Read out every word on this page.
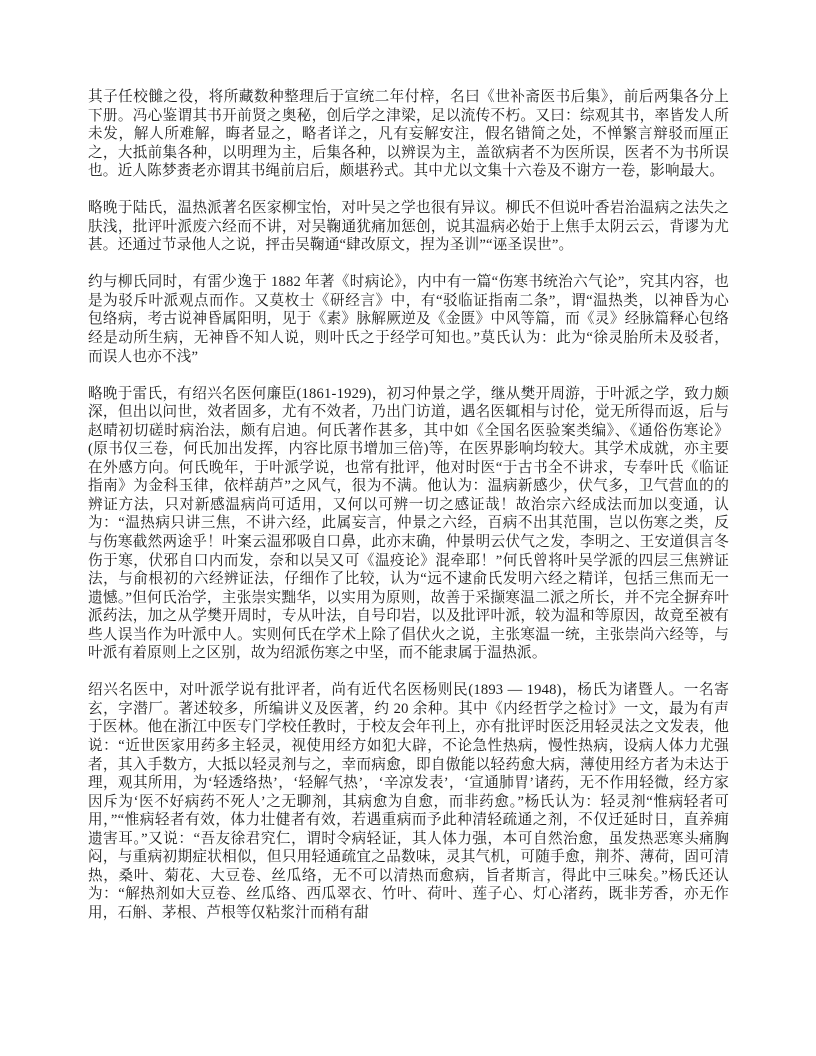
其子任校雠之役，将所藏数种整理后于宣统二年付梓，名曰《世补斋医书后集》，前后两集各分上下册。冯心鉴谓其书开前贤之奥秘，创后学之津梁，足以流传不朽。又曰：综观其书，率皆发人所未发，解人所难解，晦者显之，略者详之，凡有妄解安注，假名错简之处，不惮繁言辩驳而厘正之，大抵前集各种，以明理为主，后集各种，以辨误为主，盖欲病者不为医所误，医者不为书所误也。近人陈梦赉老亦谓其书绳前启后，颇堪矜式。其中尤以文集十六卷及不谢方一卷，影响最大。

略晚于陆氏，温热派著名医家柳宝怡，对叶吴之学也很有异议。柳氏不但说叶香岩治温病之法失之肤浅，批评叶派废六经而不讲，对吴鞠通犹痛加惩创，说其温病必始于上焦手太阴云云，背谬为尤甚。还通过节录他人之说，抨击吴鞠通“肆改原文，捏为圣训”“诬圣误世”。

约与柳氏同时，有雷少逸于 1882 年著《时病论》，内中有一篇“伤寒书统治六气论”，究其内容，也是为驳斥叶派观点而作。又莫枚士《研经言》中，有“驳临证指南二条”，谓“温热类，以神昏为心包络病，考古说神昏属阳明，见于《素》脉解厥逆及《金匮》中风等篇，而《灵》经脉篇释心包络经是动所生病，无神昏不知人说，则叶氏之于经学可知也。”莫氏认为：此为“徐灵胎所未及驳者，而误人也亦不浅”

略晚于雷氏，有绍兴名医何廉臣(1861-1929)，初习仲景之学，继从樊开周游，于叶派之学，致力颇深，但出以问世，效者固多，尤有不效者，乃出门访道，遇名医辄相与讨伦，觉无所得而返，后与赵晴初切磋时病治法，颇有启迪。何氏著作甚多，其中如《全国名医验案类编》、《通俗伤寒论》(原书仅三卷，何氏加出发挥，内容比原书增加三倍)等，在医界影响均较大。其学术成就，亦主要在外感方向。何氏晚年，于叶派学说，也常有批评，他对时医“于古书全不讲求，专奉叶氏《临证指南》为金科玉律，依样葫芦”之风气，很为不满。他认为：温病新感少，伏气多，卫气营血的的辨证方法，只对新感温病尚可适用，又何以可辨一切之感证哉！故治宗六经成法而加以变通，认为：“温热病只讲三焦，不讲六经，此属妄言，仲景之六经，百病不出其范围，岂以伤寒之类，反与伤寒截然两途乎！叶案云温邪吸自口鼻，此亦末确，仲景明云伏气之发，李明之、王安道俱言冬伤于寒，伏邪自口内而发，奈和以吴又可《温疫论》混牵耶！”何氏曾将叶吴学派的四层三焦辨证法，与俞根初的六经辨证法，仔细作了比较，认为“远不逮俞氏发明六经之精详，包括三焦而无一遗憾。”但何氏治学，主张崇实黜华，以实用为原则，故善于采撷寒温二派之所长，并不完全摒弃叶派药法，加之从学樊开周时，专从叶法，自号印岩，以及批评叶派，较为温和等原因，故竟至被有些人误当作为叶派中人。实则何氏在学术上除了倡伏火之说，主张寒温一统，主张崇尚六经等，与叶派有着原则上之区别，故为绍派伤寒之中坚，而不能隶属于温热派。

绍兴名医中，对叶派学说有批评者，尚有近代名医杨则民(1893 — 1948)，杨氏为诸暨人。一名寄玄，字潜厂。著述较多，所编讲义及医著，约 20 余种。其中《内经哲学之检讨》一文，最为有声于医林。他在浙江中医专门学校任教时，于校友会年刊上，亦有批评时医泛用轻灵法之文发表，他说：“近世医家用药多主轻灵，视使用经方如犯大辟，不论急性热病，慢性热病，设病人体力尤强者，其入手数方，大抵以轻灵剂与之，幸而病愈，即自傲能以轻药愈大病，薄使用经方者为未达于理，观其所用，为‘轻透络热’，‘轻解气热’，‘辛凉发表’，‘宣通肺胃’诸药，无不作用轻微，经方家因斥为‘医不好病药不死人’之无聊剂，其病愈为自愈，而非药愈。”杨氏认为：轻灵剂“惟病轻者可用，”“惟病轻者有效，体力壮健者有效，若遇重病而予此种清轻疏通之剂，不仅迁延时日，直养痈遗害耳。”又说：“吾友徐君究仁，谓时令病轻证，其人体力强，本可自然治愈，虽发热恶寒头痛胸闷，与重病初期症状相似，但只用轻通疏宜之品数味，灵其气机，可随手愈，荆芥、薄荷，固可清热，桑叶、菊花、大豆卷、丝瓜络，无不可以清热而愈病，旨者斯言，得此中三味矣。”杨氏还认为：“解热剂如大豆卷、丝瓜络、西瓜翠衣、竹叶、荷叶、莲子心、灯心渚药，既非芳香，亦无作用，石斛、茅根、芦根等仅粘浆汁而稍有甜
